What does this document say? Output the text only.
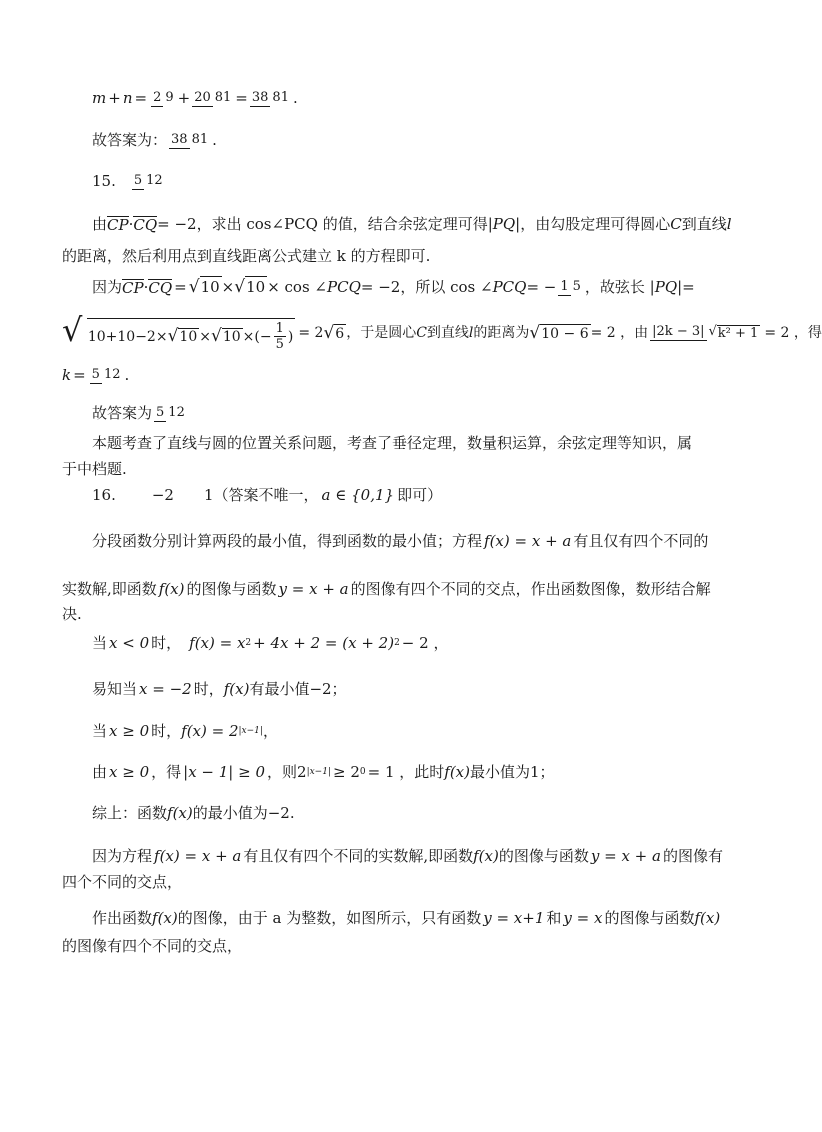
m + n = 2 9 + 20 81 = 38 81 .
故答案为： 38 81 .
15. 5 12
由 CP · CQ = −2 ，求出 cos∠PCQ 的值，结合余弦定理可得 |PQ| ，由勾股定理可得圆心 C 到直线 l
的距离，然后利用点到直线距离公式建立 k 的方程即可.
因为 CP · CQ = √10 × √10 × cos ∠ PCQ = −2，所以 cos ∠ PCQ = − 1 5 ，故弦长 | PQ |=
√ 10+10−2× √ 10 × √ 10 ×(− $\frac{1}{5}$ ) = 2 √6 ，于是圆心 C 到直线 l 的距离为 √10 − 6 = 2 ，由 |2k − 3| √ k² + 1 = 2 ，得
k = 5 12 .
故答案为 5 12
本题考查了直线与圆的位置关系问题，考查了垂径定理，数量积运算，余弦定理等知识，属
于中档题.
16. −2 1（答案不唯一， a ∈ {0,1} 即可）
分段函数分别计算两段的最小值，得到函数的最小值；方程 f(x) = x + a 有且仅有四个不同的
实数解,即函数 f(x) 的图像与函数 y = x + a 的图像有四个不同的交点，作出函数图像，数形结合解
决.
当 x < 0 时， f(x) = x 2 + 4x + 2 = (x + 2) 2 − 2 ，
易知当 x = −2 时， f(x) 有最小值−2；
当 x ≥ 0 时， f(x) = 2 |x−1| ，
由 x ≥ 0 ，得 |x − 1| ≥ 0 ，则 2 |x−1| ≥ 2 0 = 1 ，此时 f(x) 最小值为1；
综上：函数 f(x) 的最小值为−2.
因为方程 f(x) = x + a 有且仅有四个不同的实数解,即函数 f(x) 的图像与函数 y = x + a 的图像有
四个不同的交点，
作出函数 f(x) 的图像，由于 a 为整数，如图所示，只有函数 y = x+1 和 y = x 的图像与函数 f(x)
的图像有四个不同的交点，
